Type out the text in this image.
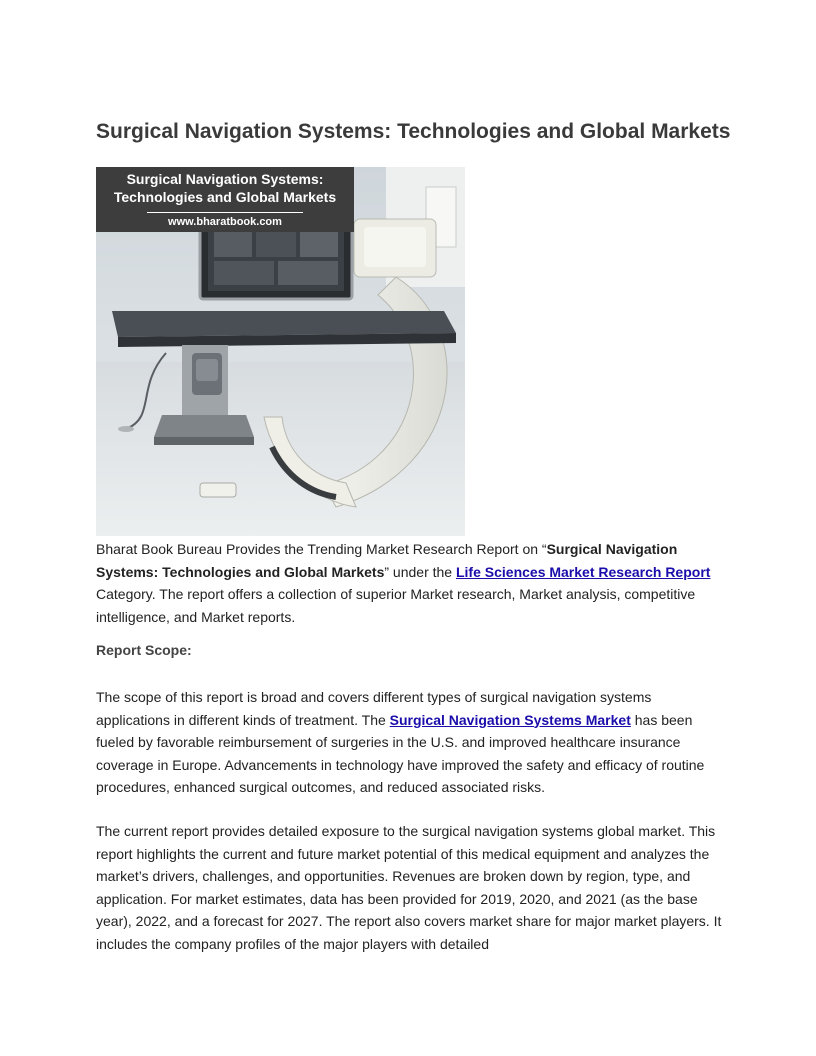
Surgical Navigation Systems: Technologies and Global Markets
Surgical Navigation Systems:
Technologies and Global Markets
www.bharatbook.com

Bharat Book Bureau Provides the Trending Market Research Report on “Surgical Navigation Systems: Technologies and Global Markets” under the Life Sciences Market Research Report Category. The report offers a collection of superior Market research, Market analysis, competitive intelligence, and Market reports.

Report Scope:

The scope of this report is broad and covers different types of surgical navigation systems applications in different kinds of treatment. The Surgical Navigation Systems Market has been fueled by favorable reimbursement of surgeries in the U.S. and improved healthcare insurance coverage in Europe. Advancements in technology have improved the safety and efficacy of routine procedures, enhanced surgical outcomes, and reduced associated risks.

The current report provides detailed exposure to the surgical navigation systems global market. This report highlights the current and future market potential of this medical equipment and analyzes the market’s drivers, challenges, and opportunities. Revenues are broken down by region, type, and application. For market estimates, data has been provided for 2019, 2020, and 2021 (as the base year), 2022, and a forecast for 2027. The report also covers market share for major market players. It includes the company profiles of the major players with detailed
